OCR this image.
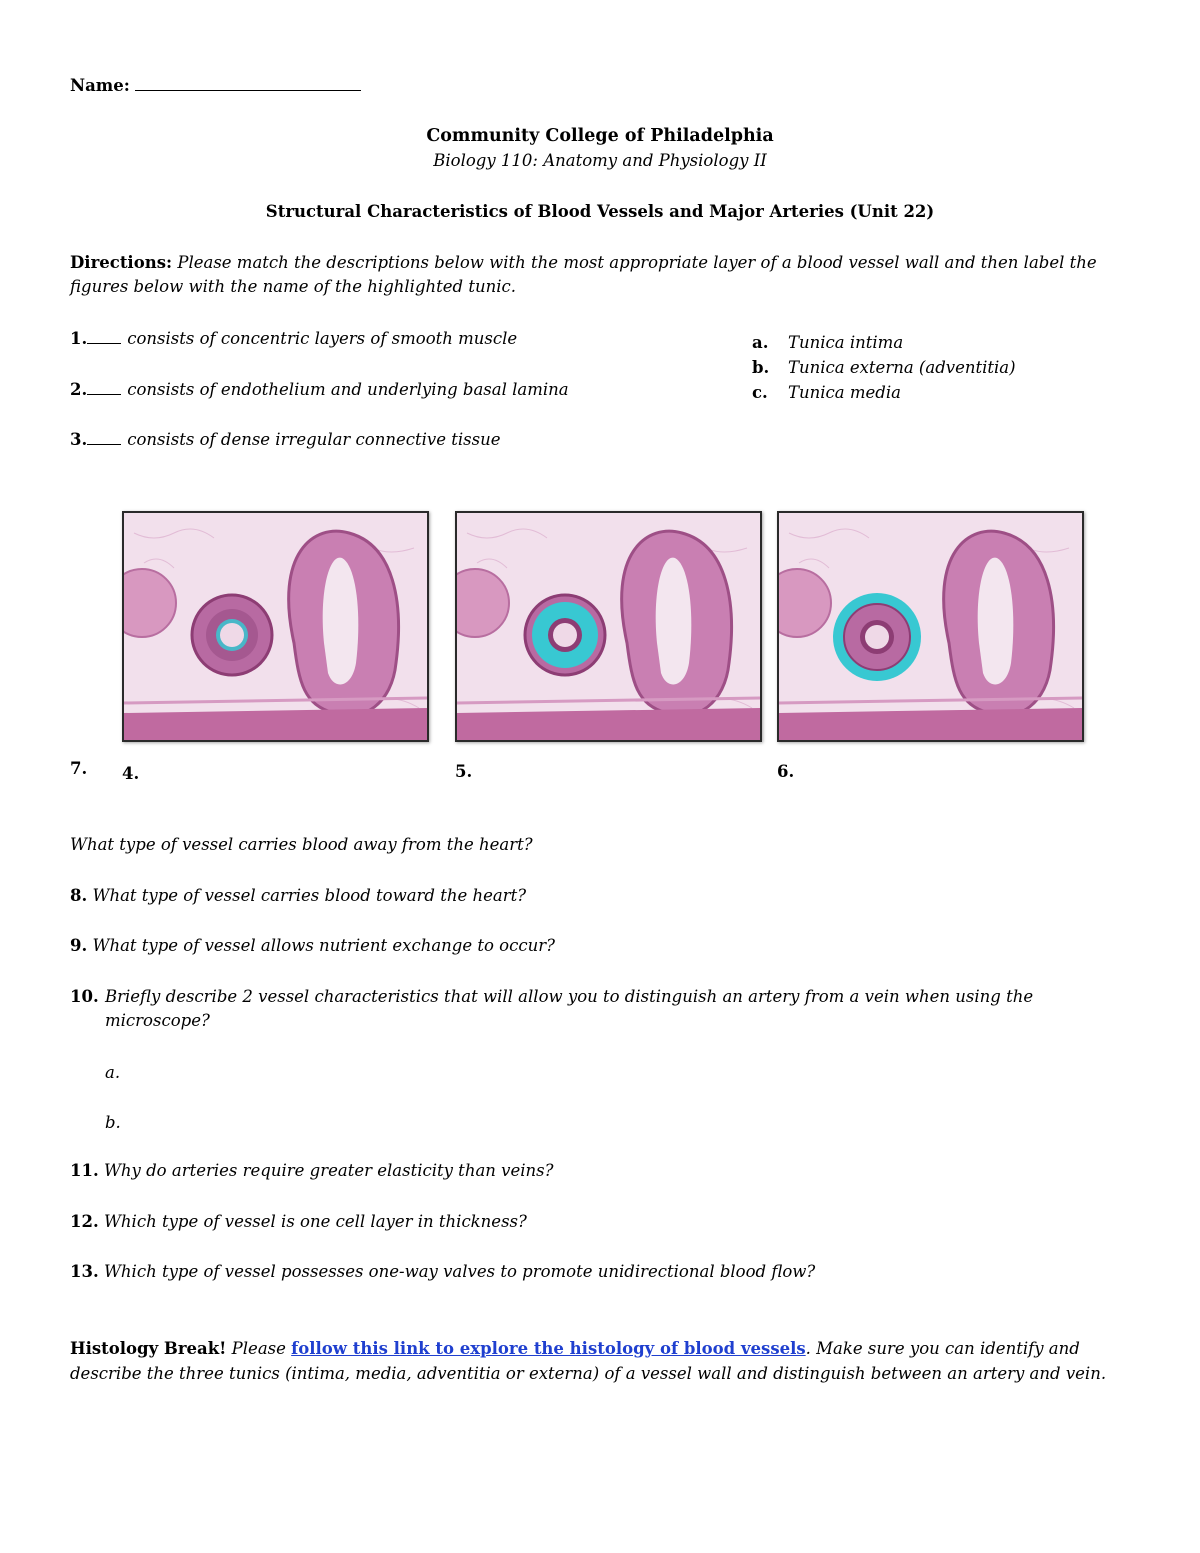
Name:
Community College of Philadelphia
Biology 110: Anatomy and Physiology II
Structural Characteristics of Blood Vessels and Major Arteries (Unit 22)
Directions: Please match the descriptions below with the most appropriate layer of a blood vessel wall and then label the figures below with the name of the highlighted tunic.
1. consists of concentric layers of smooth muscle
2. consists of endothelium and underlying basal lamina
3. consists of dense irregular connective tissue
a. Tunica intima
b. Tunica externa (adventitia)
c. Tunica media
7. 4.	5.	6.
What type of vessel carries blood away from the heart?
8. What type of vessel carries blood toward the heart?
9. What type of vessel allows nutrient exchange to occur?
10. Briefly describe 2 vessel characteristics that will allow you to distinguish an artery from a vein when using the microscope?
a.
b.
11. Why do arteries require greater elasticity than veins?
12. Which type of vessel is one cell layer in thickness?
13. Which type of vessel possesses one-way valves to promote unidirectional blood flow?
Histology Break! Please follow this link to explore the histology of blood vessels. Make sure you can identify and describe the three tunics (intima, media, adventitia or externa) of a vessel wall and distinguish between an artery and vein.
